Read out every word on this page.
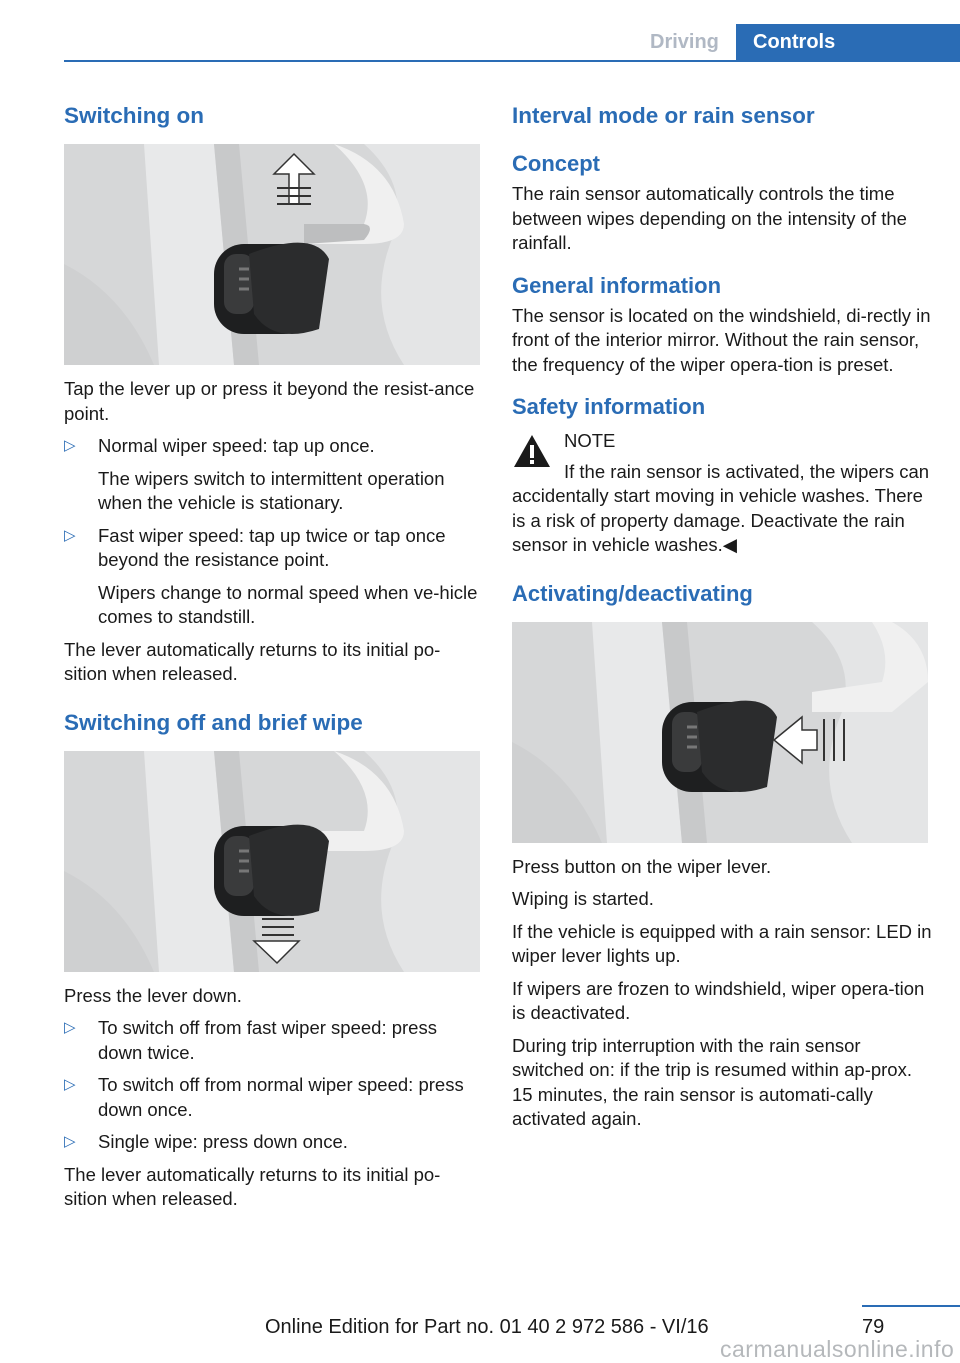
Driving Controls
Switching on

Tap the lever up or press it beyond the resist‐ance point.

▷ Normal wiper speed: tap up once.

The wipers switch to intermittent operation when the vehicle is stationary.

▷ Fast wiper speed: tap up twice or tap once beyond the resistance point.

Wipers change to normal speed when ve‐hicle comes to standstill.

The lever automatically returns to its initial po‐sition when released.

Switching off and brief wipe

Press the lever down.

▷ To switch off from fast wiper speed: press down twice.
▷ To switch off from normal wiper speed: press down once.
▷ Single wipe: press down once.

The lever automatically returns to its initial po‐sition when released.

Interval mode or rain sensor
Concept

The rain sensor automatically controls the time between wipes depending on the intensity of the rainfall.

General information

The sensor is located on the windshield, di‐rectly in front of the interior mirror. Without the rain sensor, the frequency of the wiper opera‐tion is preset.

Safety information

NOTE

If the rain sensor is activated, the wipers can accidentally start moving in vehicle washes. There is a risk of property damage. Deactivate the rain sensor in vehicle washes.◀

Activating/deactivating

Press button on the wiper lever.

Wiping is started.

If the vehicle is equipped with a rain sensor: LED in wiper lever lights up.

If wipers are frozen to windshield, wiper opera‐tion is deactivated.

During trip interruption with the rain sensor switched on: if the trip is resumed within ap‐prox. 15 minutes, the rain sensor is automati‐cally activated again.

Online Edition for Part no. 01 40 2 972 586 - VI/16	79
carmanualsonline.info
